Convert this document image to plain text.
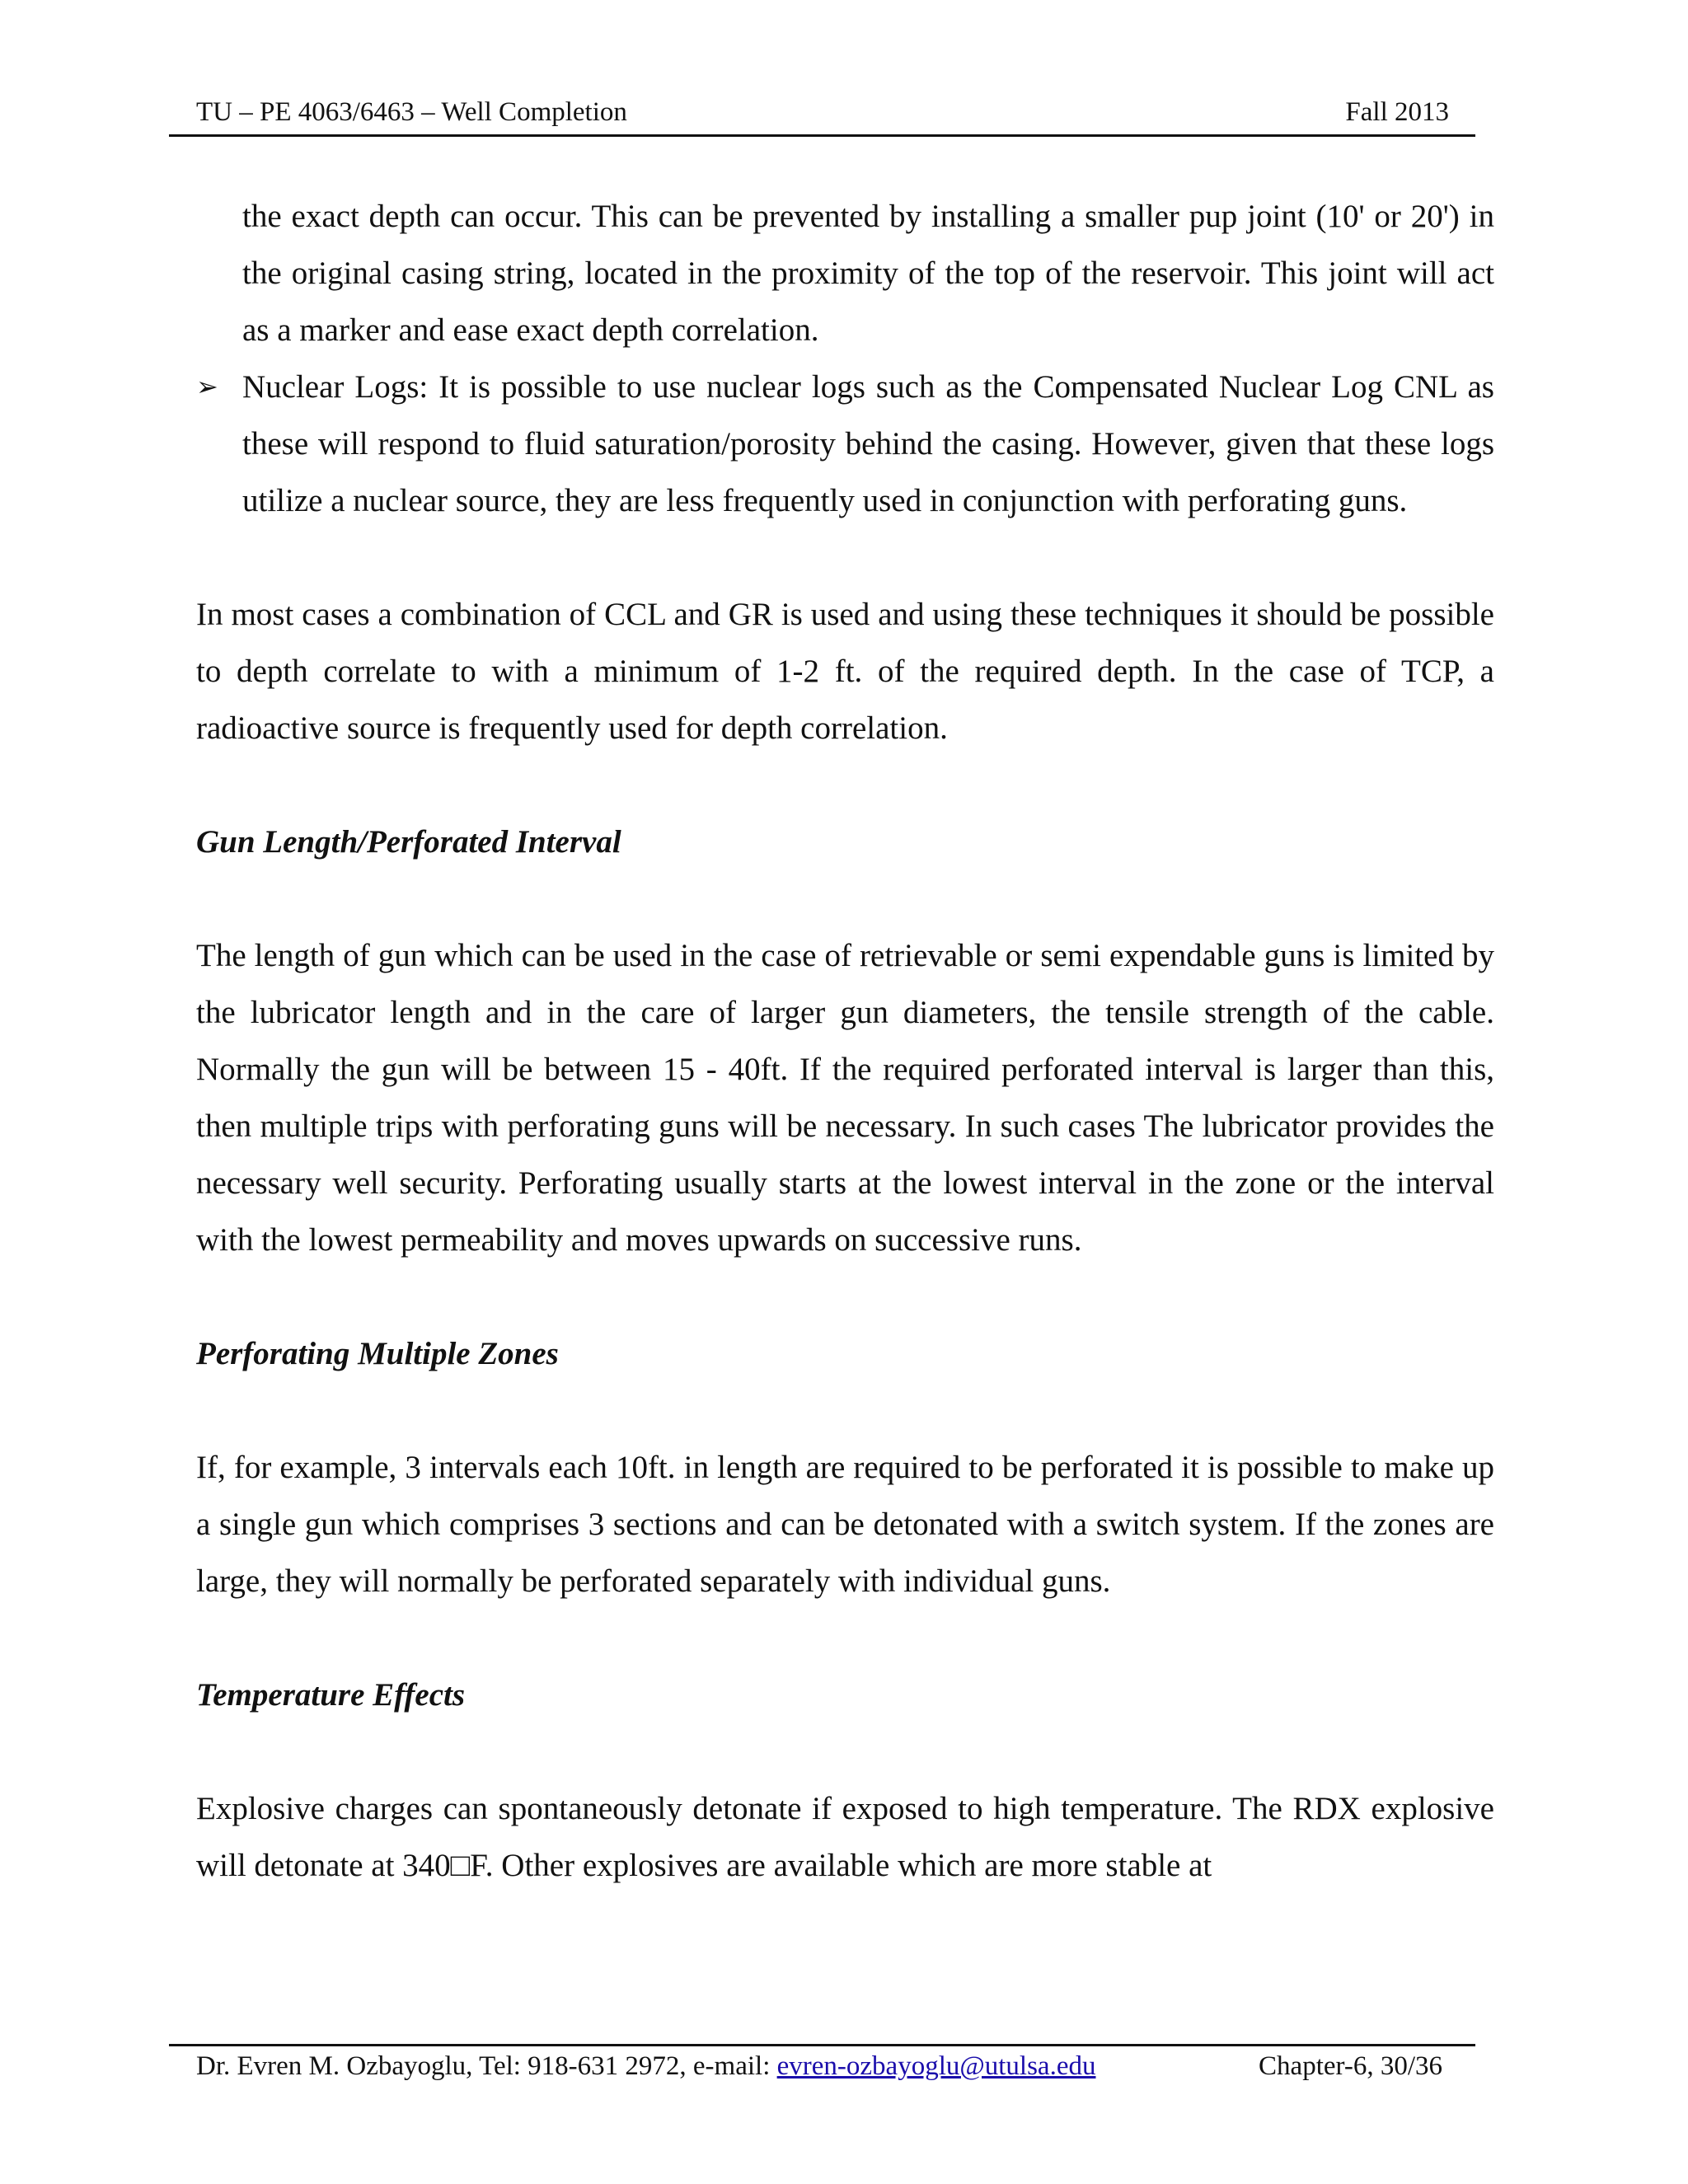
TU – PE 4063/6463 – Well Completion	Fall 2013

the exact depth can occur. This can be prevented by installing a smaller pup joint (10' or 20') in the original casing string, located in the proximity of the top of the reservoir. This joint will act as a marker and ease exact depth correlation.

➢ Nuclear Logs: It is possible to use nuclear logs such as the Compensated Nuclear Log CNL as these will respond to fluid saturation/porosity behind the casing. However, given that these logs utilize a nuclear source, they are less frequently used in conjunction with perforating guns.

In most cases a combination of CCL and GR is used and using these techniques it should be possible to depth correlate to with a minimum of 1-2 ft. of the required depth. In the case of TCP, a radioactive source is frequently used for depth correlation.

Gun Length/Perforated Interval

The length of gun which can be used in the case of retrievable or semi expendable guns is limited by the lubricator length and in the care of larger gun diameters, the tensile strength of the cable. Normally the gun will be between 15 - 40ft. If the required perforated interval is larger than this, then multiple trips with perforating guns will be necessary. In such cases The lubricator provides the necessary well security. Perforating usually starts at the lowest interval in the zone or the interval with the lowest permeability and moves upwards on successive runs.

Perforating Multiple Zones

If, for example, 3 intervals each 10ft. in length are required to be perforated it is possible to make up a single gun which comprises 3 sections and can be detonated with a switch system. If the zones are large, they will normally be perforated separately with individual guns.

Temperature Effects

Explosive charges can spontaneously detonate if exposed to high temperature. The RDX explosive will detonate at 340□F. Other explosives are available which are more stable at

Dr. Evren M. Ozbayoglu, Tel: 918-631 2972, e-mail: evren-ozbayoglu@utulsa.edu	Chapter-6, 30/36
